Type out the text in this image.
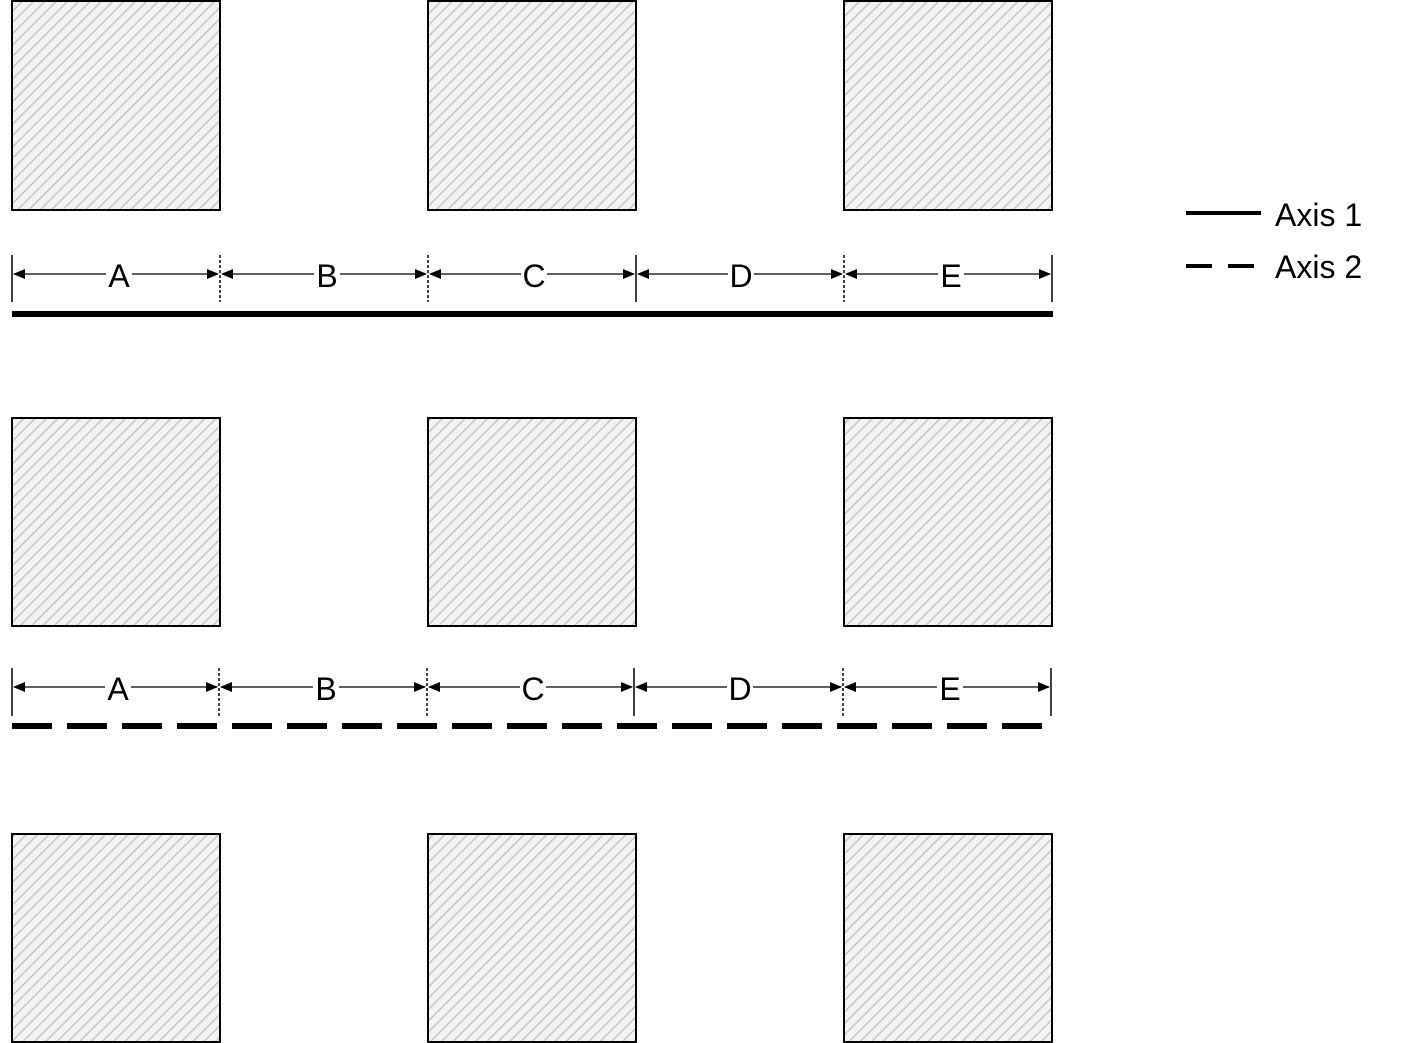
A	B	C	D	E
A	B	C	D	E
Axis 1
Axis 2
